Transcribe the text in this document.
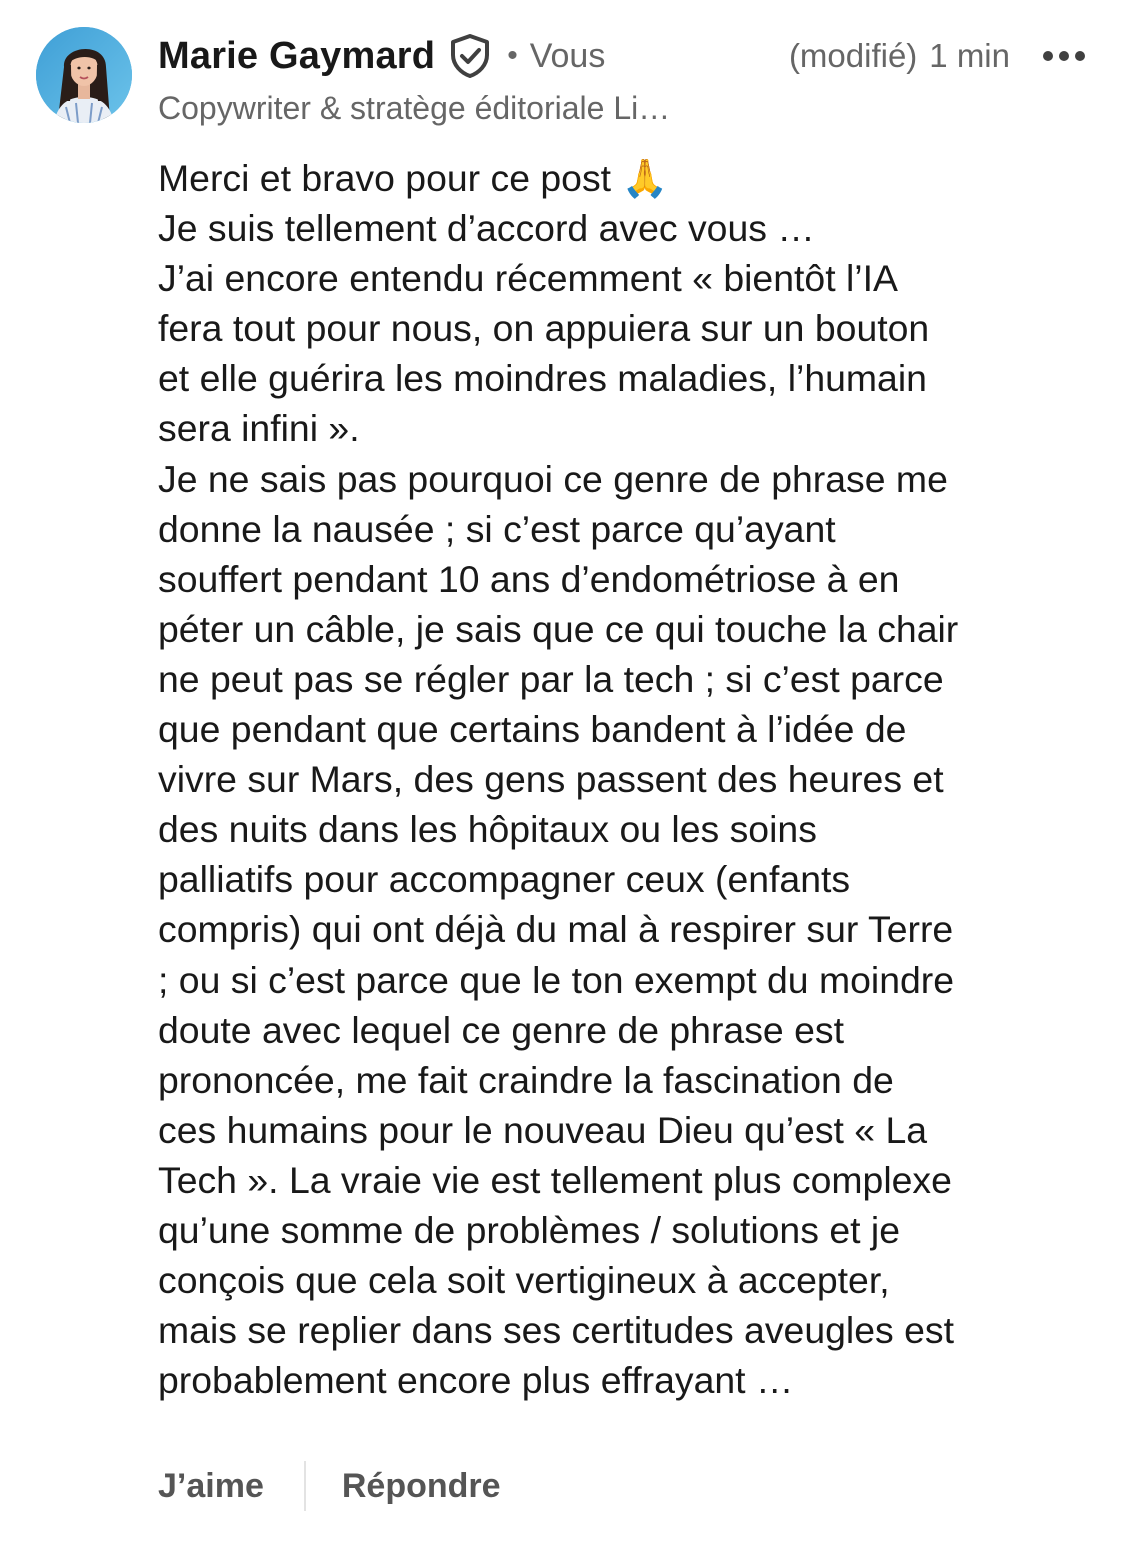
Marie Gaymard • Vous	(modifié) 1 min
Copywriter & stratège éditoriale Li…
Merci et bravo pour ce post 🙏
Je suis tellement d’accord avec vous …
J’ai encore entendu récemment « bientôt l’IA
fera tout pour nous, on appuiera sur un bouton
et elle guérira les moindres maladies, l’humain
sera infini ».
Je ne sais pas pourquoi ce genre de phrase me
donne la nausée ; si c’est parce qu’ayant
souffert pendant 10 ans d’endométriose à en
péter un câble, je sais que ce qui touche la chair
ne peut pas se régler par la tech ; si c’est parce
que pendant que certains bandent à l’idée de
vivre sur Mars, des gens passent des heures et
des nuits dans les hôpitaux ou les soins
palliatifs pour accompagner ceux (enfants
compris) qui ont déjà du mal à respirer sur Terre
; ou si c’est parce que le ton exempt du moindre
doute avec lequel ce genre de phrase est
prononcée, me fait craindre la fascination de
ces humains pour le nouveau Dieu qu’est « La
Tech ». La vraie vie est tellement plus complexe
qu’une somme de problèmes / solutions et je
conçois que cela soit vertigineux à accepter,
mais se replier dans ses certitudes aveugles est
probablement encore plus effrayant …
J’aime Répondre
